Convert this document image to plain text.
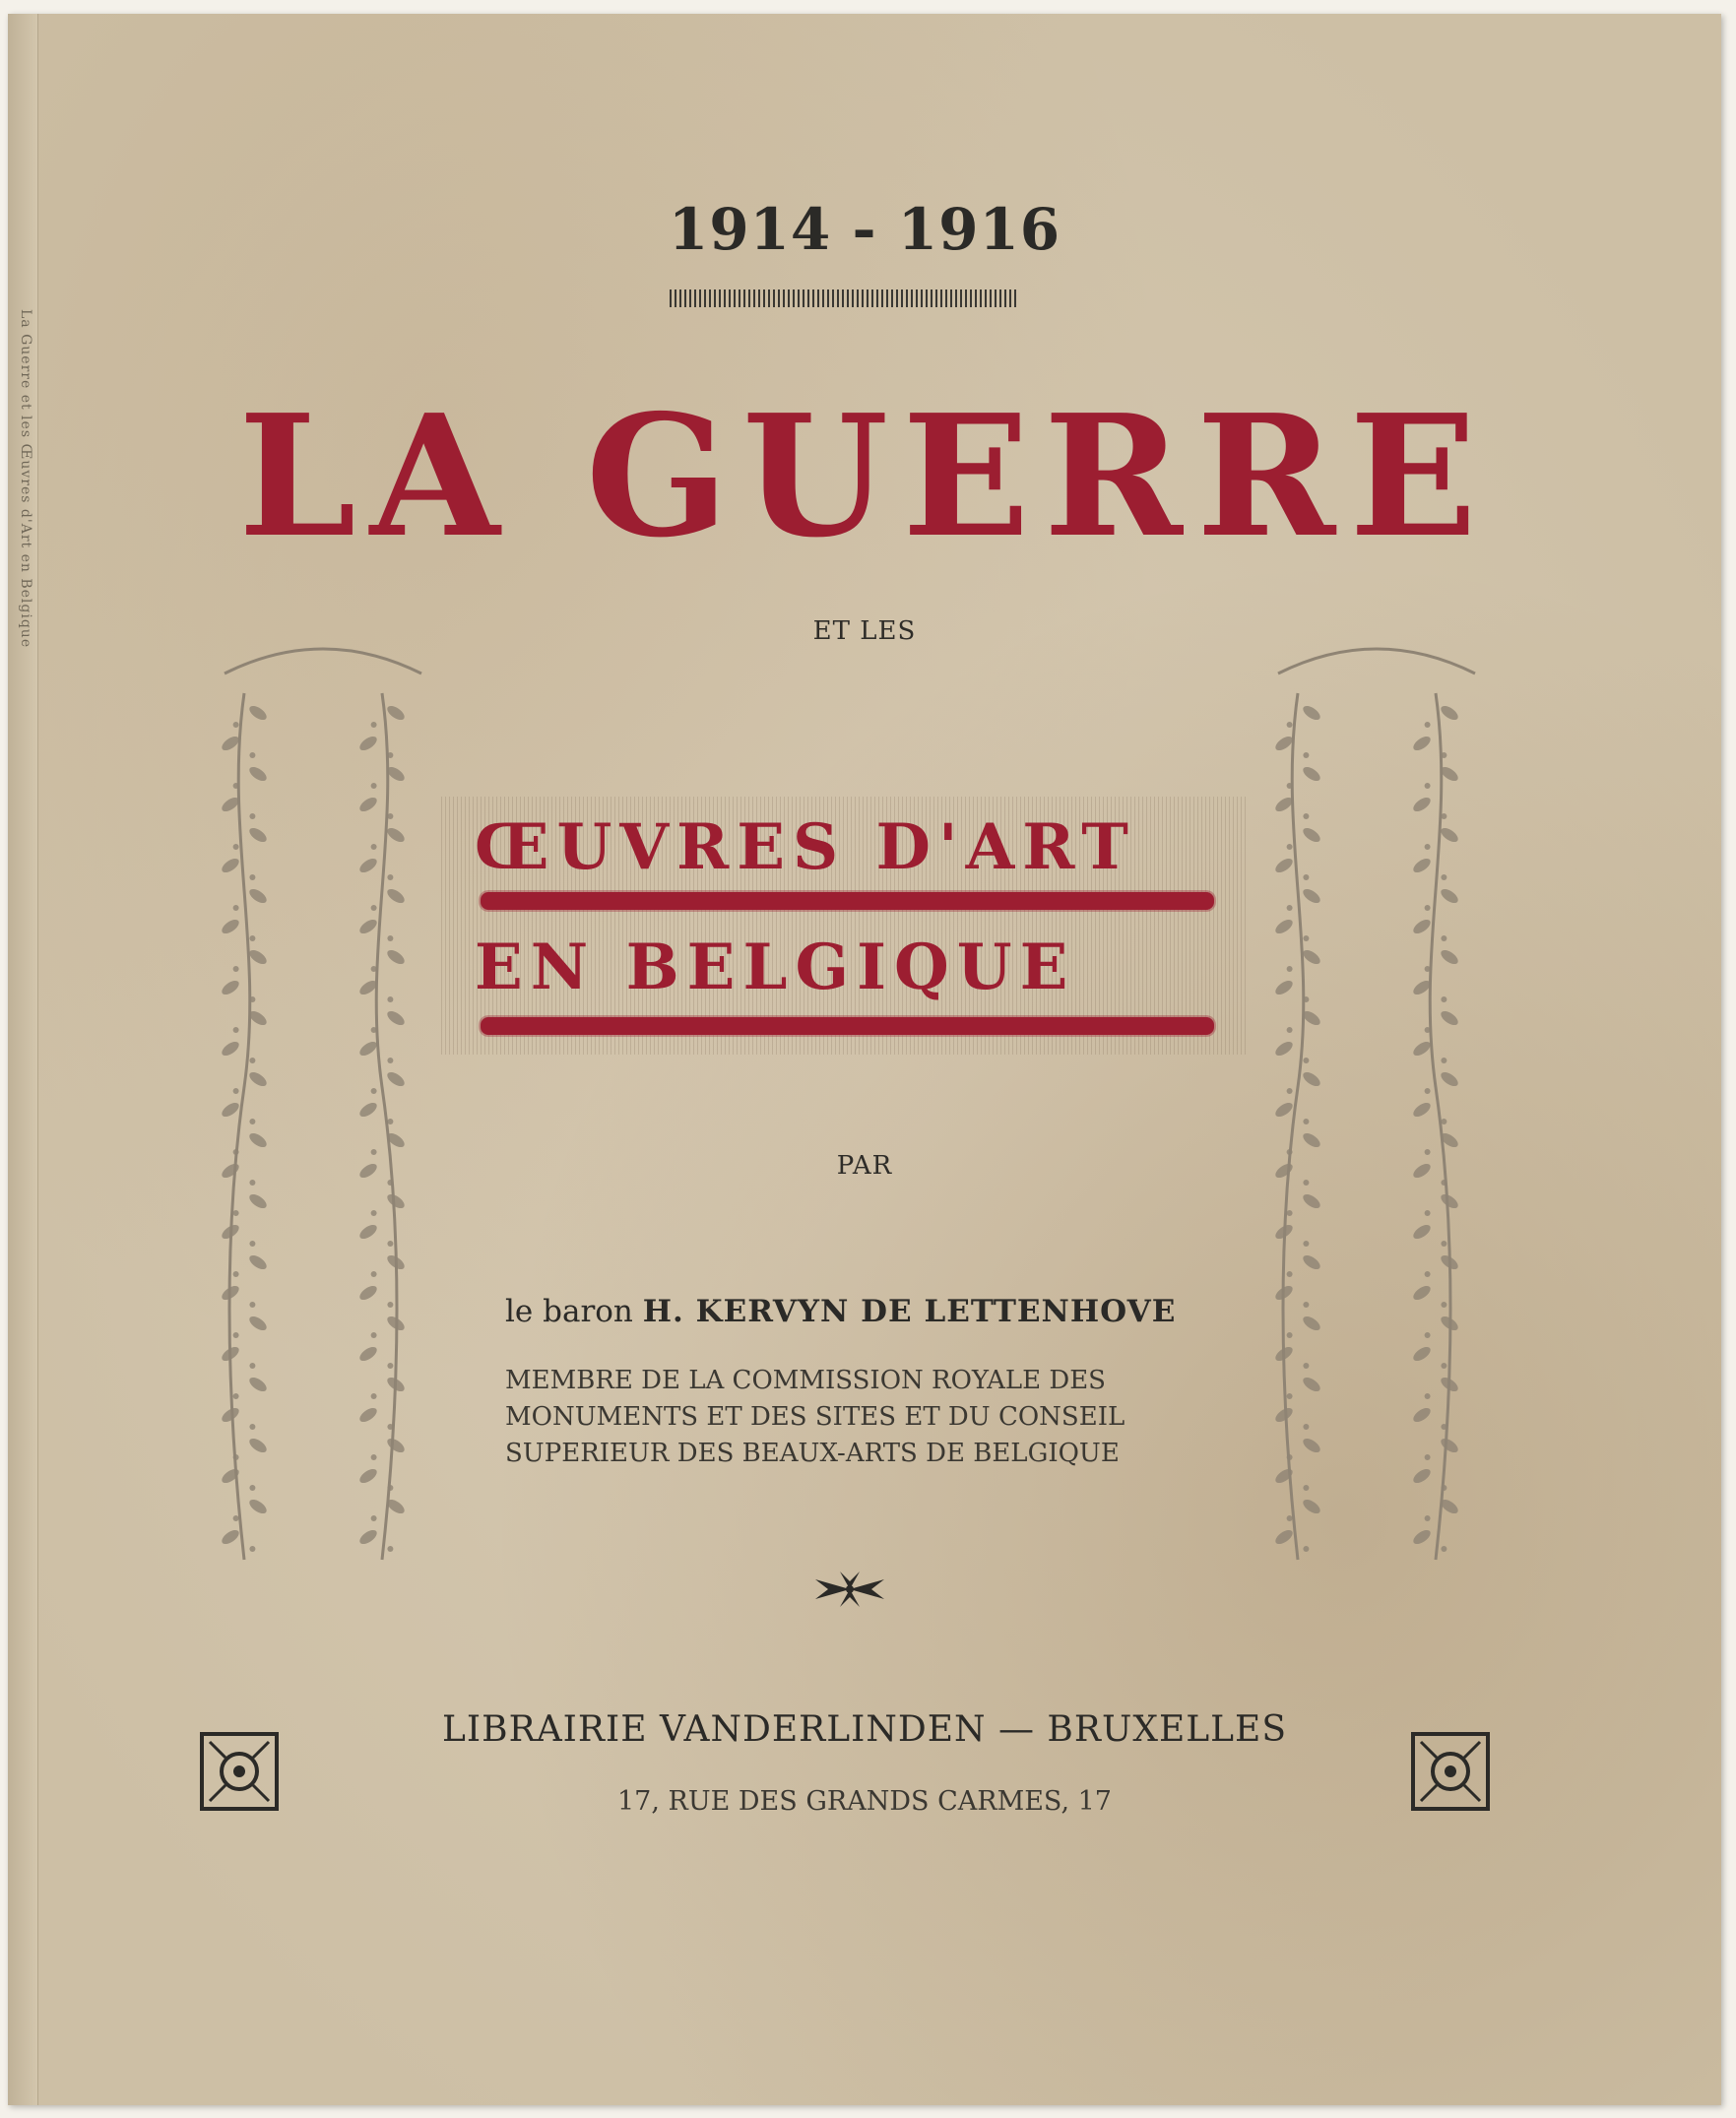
La Guerre et les Œuvres d'Art en Belgique
1914 - 1916
LA GUERRE
ET LES
ŒUVRES D'ART
EN BELGIQUE
PAR
le baron H. KERVYN DE LETTENHOVE
MEMBRE DE LA COMMISSION ROYALE DES
MONUMENTS ET DES SITES ET DU CONSEIL
SUPERIEUR DES BEAUX-ARTS DE BELGIQUE
LIBRAIRIE VANDERLINDEN — BRUXELLES
17, RUE DES GRANDS CARMES, 17
